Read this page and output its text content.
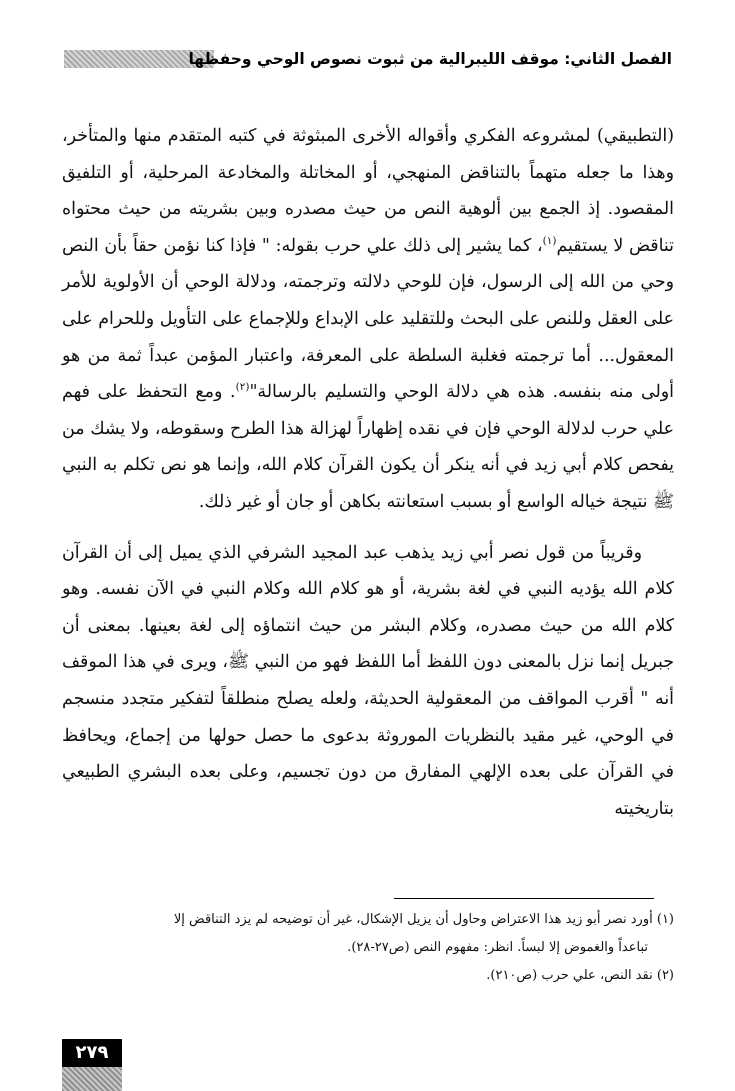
الفصل الثاني: موقف الليبرالية من ثبوت نصوص الوحي وحفظها

(التطبيقي) لمشروعه الفكري وأقواله الأخرى المبثوثة في كتبه المتقدم منها والمتأخر، وهذا ما جعله متهماً بالتناقض المنهجي، أو المخاتلة والمخادعة المرحلية، أو التلفيق المقصود. إذ الجمع بين ألوهية النص من حيث مصدره وبين بشريته من حيث محتواه تناقض لا يستقيم$^{(١)}$، كما يشير إلى ذلك علي حرب بقوله: " فإذا كنا نؤمن حقاً بأن النص وحي من الله إلى الرسول، فإن للوحي دلالته وترجمته، ودلالة الوحي أن الأولوية للأمر على العقل وللنص على البحث وللتقليد على الإبداع وللإجماع على التأويل وللحرام على المعقول... أما ترجمته فغلبة السلطة على المعرفة، واعتبار المؤمن عبداً ثمة من هو أولى منه بنفسه. هذه هي دلالة الوحي والتسليم بالرسالة"$^{(٢)}$. ومع التحفظ على فهم علي حرب لدلالة الوحي فإن في نقده إظهاراً لهزالة هذا الطرح وسقوطه، ولا يشك من يفحص كلام أبي زيد في أنه ينكر أن يكون القرآن كلام الله، وإنما هو نص تكلم به النبي ﷺ نتيجة خياله الواسع أو بسبب استعانته بكاهن أو جان أو غير ذلك.

وقريباً من قول نصر أبي زيد يذهب عبد المجيد الشرفي الذي يميل إلى أن القرآن كلام الله يؤديه النبي في لغة بشرية، أو هو كلام الله وكلام النبي في الآن نفسه. وهو كلام الله من حيث مصدره، وكلام البشر من حيث انتماؤه إلى لغة بعينها. بمعنى أن جبريل إنما نزل بالمعنى دون اللفظ أما اللفظ فهو من النبي ﷺ، ويرى في هذا الموقف أنه " أقرب المواقف من المعقولية الحديثة، ولعله يصلح منطلقاً لتفكير متجدد منسجم في الوحي، غير مقيد بالنظريات الموروثة بدعوى ما حصل حولها من إجماع، ويحافظ في القرآن على بعده الإلهي المفارق من دون تجسيم، وعلى بعده البشري الطبيعي بتاريخيته

(١) أورد نصر أبو زيد هذا الاعتراض وحاول أن يزيل الإشكال، غير أن توضيحه لم يزد التناقض إلا

تباعداً والغموض إلا لبساً. انظر: مفهوم النص (ص٢٧-٢٨).

(٢) نقد النص، علي حرب (ص٢١٠).

٢٧٩
